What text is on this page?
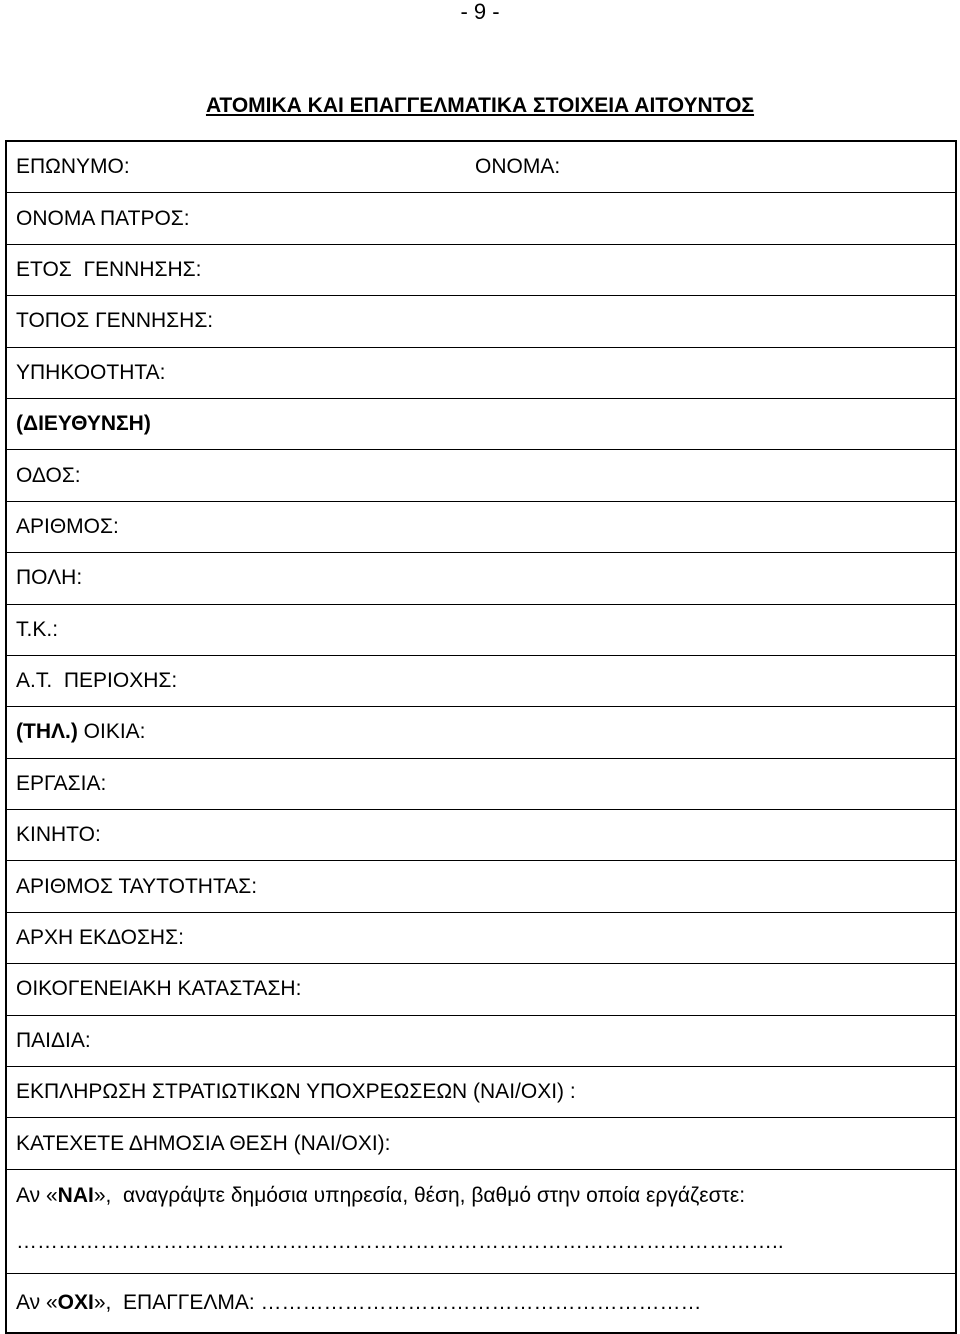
- 9 -
ΑΤΟΜΙΚΑ ΚΑΙ ΕΠΑΓΓΕΛΜΑΤΙΚΑ ΣΤΟΙΧΕΙΑ ΑΙΤΟΥΝΤΟΣ
ΕΠΩΝΥΜΟ:	ΟΝΟΜΑ:
ΟΝΟΜΑ ΠΑΤΡΟΣ:
ΕΤΟΣ  ΓΕΝΝΗΣΗΣ:
ΤΟΠΟΣ ΓΕΝΝΗΣΗΣ:
ΥΠΗΚΟΟΤΗΤΑ:
(ΔΙΕΥΘΥΝΣΗ)
ΟΔΟΣ:
ΑΡΙΘΜΟΣ:
ΠΟΛΗ:
Τ.Κ.:
Α.Τ.  ΠΕΡΙΟΧΗΣ:
(ΤΗΛ.) ΟΙΚΙΑ:
ΕΡΓΑΣΙΑ:
ΚΙΝΗΤΟ:
ΑΡΙΘΜΟΣ ΤΑΥΤΟΤΗΤΑΣ:
ΑΡΧΗ ΕΚΔΟΣΗΣ:
ΟΙΚΟΓΕΝΕΙΑΚΗ ΚΑΤΑΣΤΑΣΗ:
ΠΑΙΔΙΑ:
ΕΚΠΛΗΡΩΣΗ ΣΤΡΑΤΙΩΤΙΚΩΝ ΥΠΟΧΡΕΩΣΕΩΝ (ΝΑΙ/ΟΧΙ) :
ΚΑΤΕΧΕΤΕ ΔΗΜΟΣΙΑ ΘΕΣΗ (ΝΑΙ/ΟΧΙ):
Αν «ΝΑΙ»,  αναγράψτε δημόσια υπηρεσία, θέση, βαθμό στην οποία εργάζεστε:
………………………………………………………………………………………………..
Αν « ΟΧΙ »,  ΕΠΑΓΓΕΛΜΑ: ………………………………………………………
